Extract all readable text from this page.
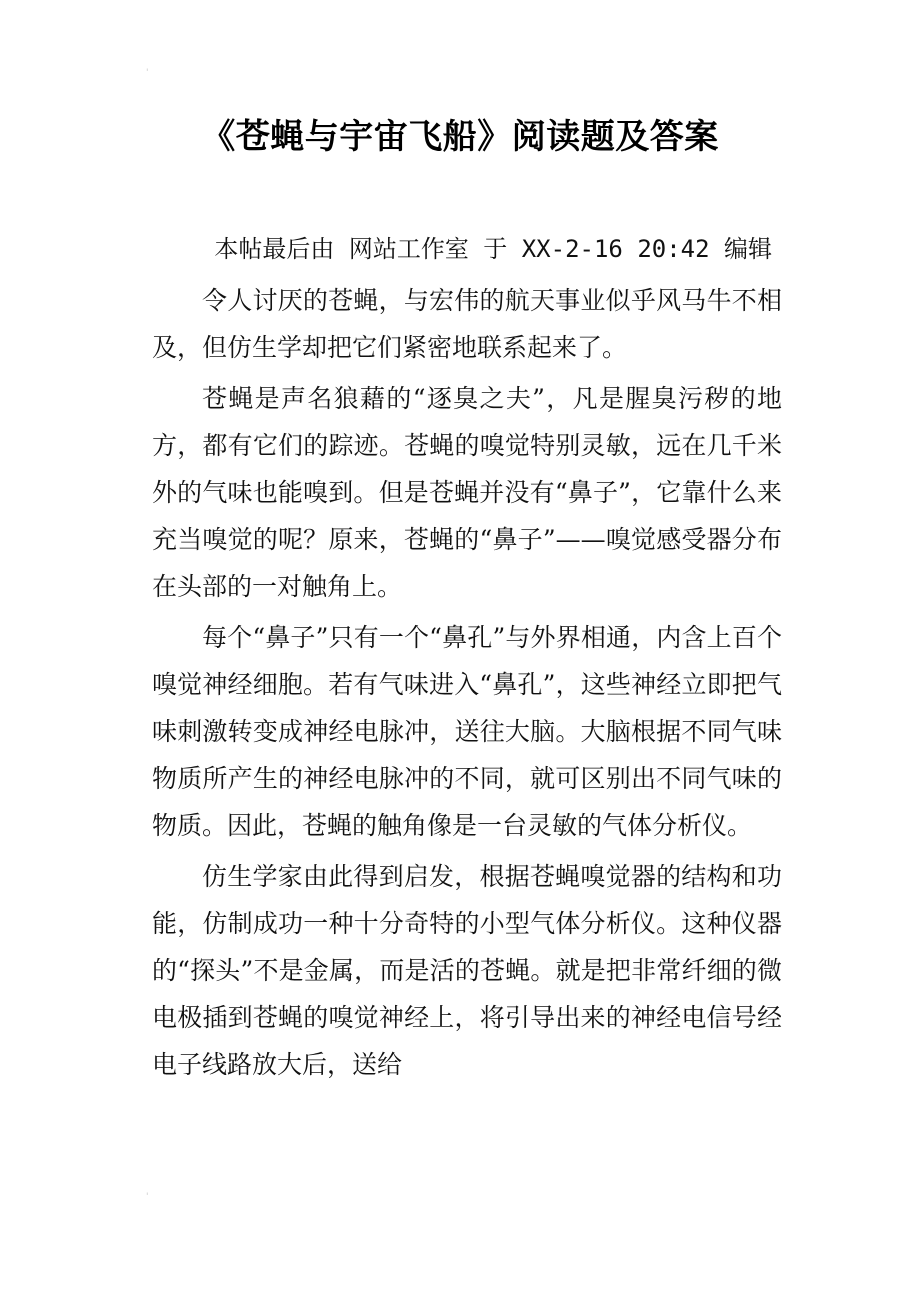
'
《苍蝇与宇宙飞船》阅读题及答案

本帖最后由 网站工作室 于 XX-2-16 20:42 编辑

令人讨厌的苍蝇，与宏伟的航天事业似乎风马牛不相及，但仿生学却把它们紧密地联系起来了。

苍蝇是声名狼藉的“逐臭之夫”，凡是腥臭污秽的地方，都有它们的踪迹。苍蝇的嗅觉特别灵敏，远在几千米外的气味也能嗅到。但是苍蝇并没有“鼻子”，它靠什么来充当嗅觉的呢？原来，苍蝇的“鼻子”——嗅觉感受器分布在头部的一对触角上。

每个“鼻子”只有一个“鼻孔”与外界相通，内含上百个嗅觉神经细胞。若有气味进入“鼻孔”，这些神经立即把气味刺激转变成神经电脉冲，送往大脑。大脑根据不同气味物质所产生的神经电脉冲的不同，就可区别出不同气味的物质。因此，苍蝇的触角像是一台灵敏的气体分析仪。

仿生学家由此得到启发，根据苍蝇嗅觉器的结构和功能，仿制成功一种十分奇特的小型气体分析仪。这种仪器的“探头”不是金属，而是活的苍蝇。就是把非常纤细的微电极插到苍蝇的嗅觉神经上，将引导出来的神经电信号经电子线路放大后，送给

'
